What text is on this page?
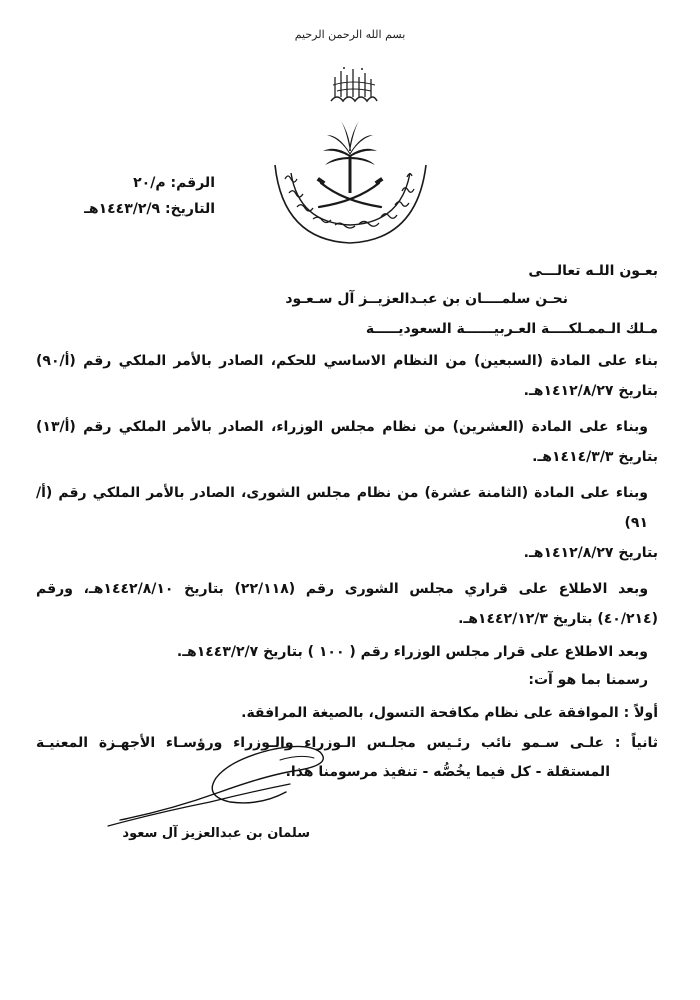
بسم الله الرحمن الرحيم
الرقم: م/٢٠
التاريخ: ١٤٤٣/٢/٩هـ
بعـون اللـه تعالـــى
نحـن سلمــــان بن عبـدالعزيــز آل سـعـود
مـلك الـممـلكــــة العـربيــــــة السعوديـــــة
بناء على المادة (السبعين) من النظام الاساسي للحكم، الصادر بالأمر الملكي رقم (أ/٩٠)
بتاريخ ١٤١٢/٨/٢٧هـ.
وبناء على المادة (العشرين) من نظام مجلس الوزراء، الصادر بالأمر الملكي رقم (أ/١٣)
بتاريخ ١٤١٤/٣/٣هـ.
وبناء على المادة (الثامنة عشرة) من نظام مجلس الشورى، الصادر بالأمر الملكي رقم (أ/٩١)
بتاريخ ١٤١٢/٨/٢٧هـ.
وبعد الاطلاع على قراري مجلس الشورى رقم (٢٢/١١٨) بتاريخ ١٤٤٢/٨/١٠هـ، ورقم
(٤٠/٢١٤) بتاريخ ١٤٤٢/١٢/٣هـ.
وبعد الاطلاع على قرار مجلس الوزراء رقم ( ١٠٠ ) بتاريخ ١٤٤٣/٢/٧هـ.
رسمنا بما هو آت:
أولاً : الموافقة على نظام مكافحة التسول، بالصيغة المرافقة.
ثانياً : علـى سـمو نائب رئـيس مجلـس الـوزراء والـوزراء ورؤسـاء الأجهـزة المعنيـة
المستقلة - كل فيما يخُصُّه - تنفيذ مرسومنا هذا.
سلمان بن عبدالعزيز آل سعود
